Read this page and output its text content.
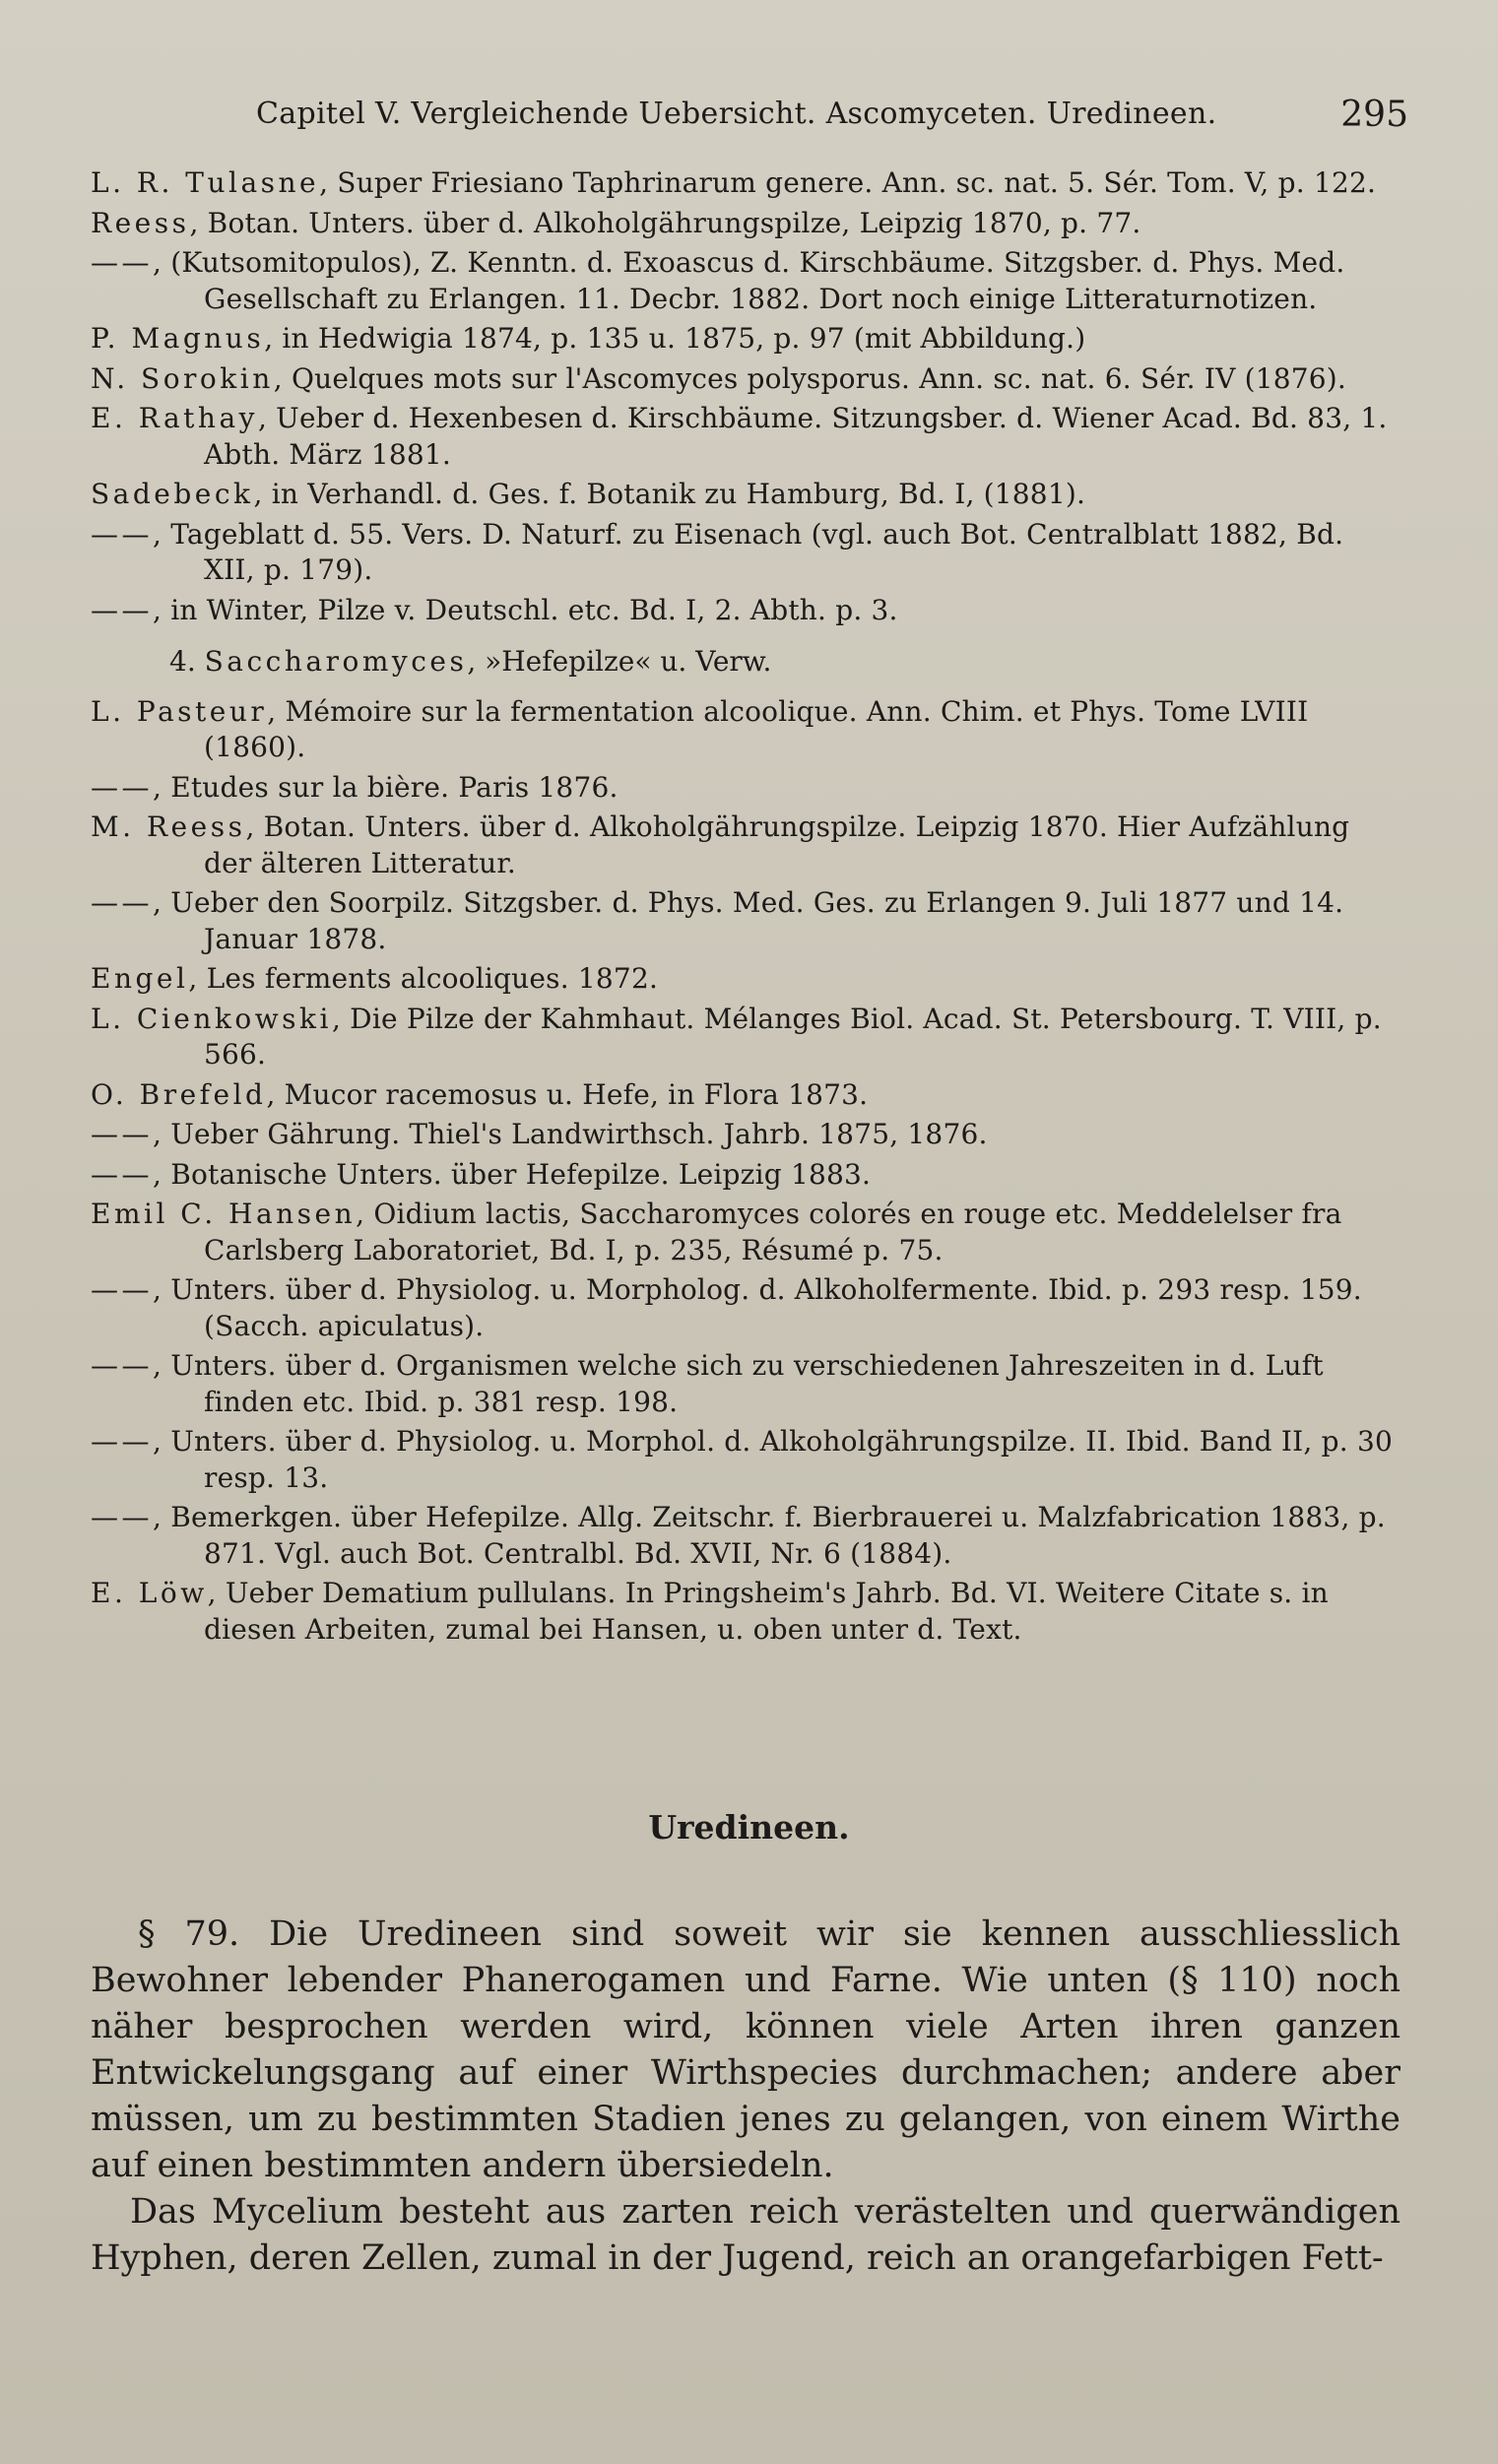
Capitel V. Vergleichende Uebersicht. Ascomyceten. Uredineen.	295

L. R. Tulasne, Super Friesiano Taphrinarum genere. Ann. sc. nat. 5. Sér. Tom. V, p. 122.

Reess, Botan. Unters. über d. Alkoholgährungspilze, Leipzig 1870, p. 77.

——, (Kutsomitopulos), Z. Kenntn. d. Exoascus d. Kirschbäume. Sitzgsber. d. Phys. Med. Gesellschaft zu Erlangen. 11. Decbr. 1882. Dort noch einige Litteraturnotizen.

P. Magnus, in Hedwigia 1874, p. 135 u. 1875, p. 97 (mit Abbildung.)

N. Sorokin, Quelques mots sur l'Ascomyces polysporus. Ann. sc. nat. 6. Sér. IV (1876).

E. Rathay, Ueber d. Hexenbesen d. Kirschbäume. Sitzungsber. d. Wiener Acad. Bd. 83, 1. Abth. März 1881.

Sadebeck, in Verhandl. d. Ges. f. Botanik zu Hamburg, Bd. I, (1881).

——, Tageblatt d. 55. Vers. D. Naturf. zu Eisenach (vgl. auch Bot. Centralblatt 1882, Bd. XII, p. 179).

——, in Winter, Pilze v. Deutschl. etc. Bd. I, 2. Abth. p. 3.

4. Saccharomyces, »Hefepilze« u. Verw.

L. Pasteur, Mémoire sur la fermentation alcoolique. Ann. Chim. et Phys. Tome LVIII (1860).

——, Etudes sur la bière. Paris 1876.

M. Reess, Botan. Unters. über d. Alkoholgährungspilze. Leipzig 1870. Hier Aufzählung der älteren Litteratur.

——, Ueber den Soorpilz. Sitzgsber. d. Phys. Med. Ges. zu Erlangen 9. Juli 1877 und 14. Januar 1878.

Engel, Les ferments alcooliques. 1872.

L. Cienkowski, Die Pilze der Kahmhaut. Mélanges Biol. Acad. St. Petersbourg. T. VIII, p. 566.

O. Brefeld, Mucor racemosus u. Hefe, in Flora 1873.

——, Ueber Gährung. Thiel's Landwirthsch. Jahrb. 1875, 1876.

——, Botanische Unters. über Hefepilze. Leipzig 1883.

Emil C. Hansen, Oidium lactis, Saccharomyces colorés en rouge etc. Meddelelser fra Carlsberg Laboratoriet, Bd. I, p. 235, Résumé p. 75.

——, Unters. über d. Physiolog. u. Morpholog. d. Alkoholfermente. Ibid. p. 293 resp. 159. (Sacch. apiculatus).

——, Unters. über d. Organismen welche sich zu verschiedenen Jahreszeiten in d. Luft finden etc. Ibid. p. 381 resp. 198.

——, Unters. über d. Physiolog. u. Morphol. d. Alkoholgährungspilze. II. Ibid. Band II, p. 30 resp. 13.

——, Bemerkgen. über Hefepilze. Allg. Zeitschr. f. Bierbrauerei u. Malzfabrication 1883, p. 871. Vgl. auch Bot. Centralbl. Bd. XVII, Nr. 6 (1884).

E. Löw, Ueber Dematium pullulans. In Pringsheim's Jahrb. Bd. VI. Weitere Citate s. in diesen Arbeiten, zumal bei Hansen, u. oben unter d. Text.

Uredineen.

§ 79. Die Uredineen sind soweit wir sie kennen ausschliesslich Bewohner lebender Phanerogamen und Farne. Wie unten (§ 110) noch näher besprochen werden wird, können viele Arten ihren ganzen Entwickelungsgang auf einer Wirthspecies durchmachen; andere aber müssen, um zu bestimmten Stadien jenes zu gelangen, von einem Wirthe auf einen bestimmten andern übersiedeln.

Das Mycelium besteht aus zarten reich verästelten und querwändigen Hyphen, deren Zellen, zumal in der Jugend, reich an orangefarbigen Fett-
